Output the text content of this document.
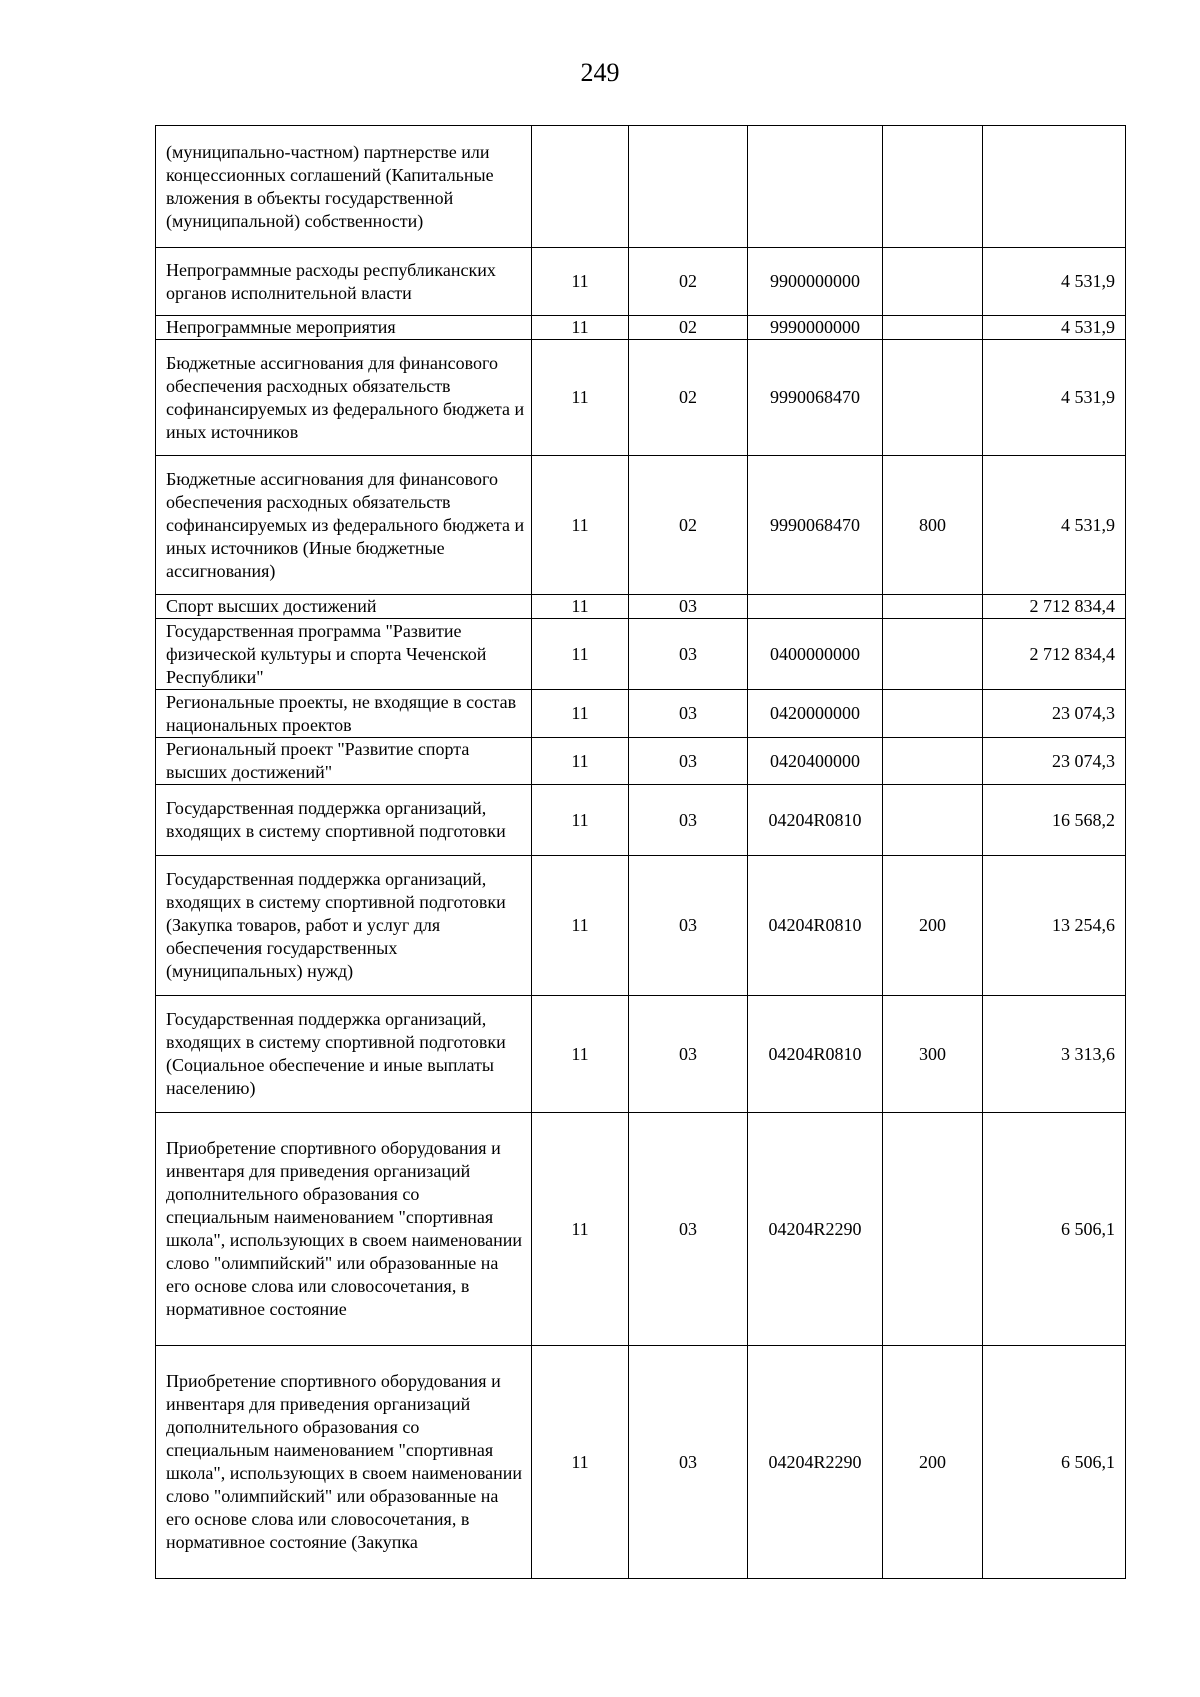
249
(муниципально-частном) партнерстве или концессионных соглашений (Капитальные вложения в объекты государственной (муниципальной) собственности)					
Непрограммные расходы республиканских органов исполнительной власти	11	02	9900000000		4 531,9
Непрограммные мероприятия	11	02	9990000000		4 531,9
Бюджетные ассигнования для финансового обеспечения расходных обязательств софинансируемых из федерального бюджета и иных источников	11	02	9990068470		4 531,9
Бюджетные ассигнования для финансового обеспечения расходных обязательств софинансируемых из федерального бюджета и иных источников (Иные бюджетные ассигнования)	11	02	9990068470	800	4 531,9
Спорт высших достижений	11	03			2 712 834,4
Государственная программа "Развитие физической культуры и спорта Чеченской Республики"	11	03	0400000000		2 712 834,4
Региональные проекты, не входящие в состав национальных проектов	11	03	0420000000		23 074,3
Региональный проект "Развитие спорта высших достижений"	11	03	0420400000		23 074,3
Государственная поддержка организаций, входящих в систему спортивной подготовки	11	03	04204R0810		16 568,2
Государственная поддержка организаций, входящих в систему спортивной подготовки (Закупка товаров, работ и услуг для обеспечения государственных (муниципальных) нужд)	11	03	04204R0810	200	13 254,6
Государственная поддержка организаций, входящих в систему спортивной подготовки (Социальное обеспечение и иные выплаты населению)	11	03	04204R0810	300	3 313,6
Приобретение спортивного оборудования и инвентаря для приведения организаций дополнительного образования со специальным наименованием "спортивная школа", использующих в своем наименовании слово "олимпийский" или образованные на его основе слова или словосочетания, в нормативное состояние	11	03	04204R2290		6 506,1
Приобретение спортивного оборудования и инвентаря для приведения организаций дополнительного образования со специальным наименованием "спортивная школа", использующих в своем наименовании слово "олимпийский" или образованные на его основе слова или словосочетания, в нормативное состояние (Закупка	11	03	04204R2290	200	6 506,1
